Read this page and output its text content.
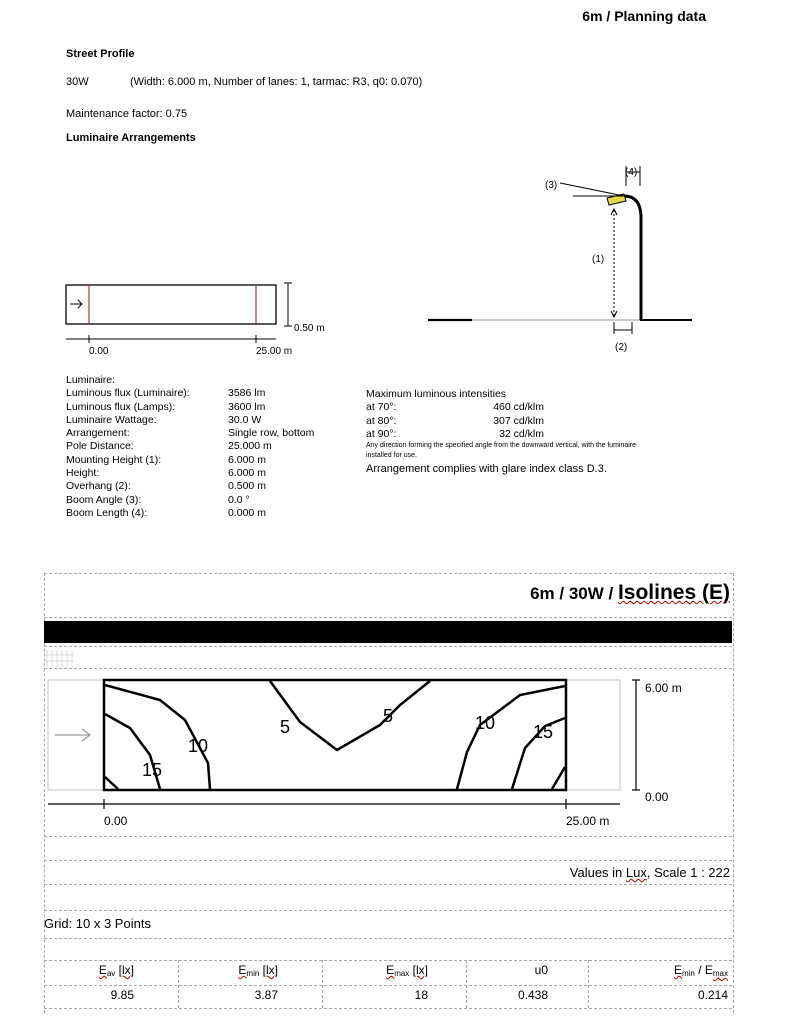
6m / Planning data
Street Profile
30W	(Width: 6.000 m, Number of lanes: 1, tarmac: R3, q0: 0.070)
Maintenance factor: 0.75
Luminaire Arrangements
0.00	25.00 m
0.50 m
(3)
(4)
(1)
(2)
Luminaire:
Luminous flux (Luminaire):	3586 lm
Luminous flux (Lamps):	3600 lm
Luminaire Wattage:	30.0 W
Arrangement:	Single row, bottom
Pole Distance:	25.000 m
Mounting Height (1):	6.000 m
Height:	6.000 m
Overhang (2):	0.500 m
Boom Angle (3):	0.0 °
Boom Length (4):	0.000 m
Maximum luminous intensities
at 70°:	460 cd/klm
at 80°:	307 cd/klm
at 90°:	32 cd/klm
Any direction forming the specified angle from the downward vertical, with the luminaire
installed for use.
Arrangement complies with glare index class D.3.
6m / 30W / Isolines (E)
5
5
10
15
10 15
6.00 m
0.00
0.00	25.00 m
Values in Lux, Scale 1 : 222
Grid: 10 x 3 Points
$E_{av}$ [lx]	$E_{min}$ [lx]	$E_{max}$ [lx]	u0	$E_{min} / E_{max}$
9.85	3.87	18	0.438	0.214
